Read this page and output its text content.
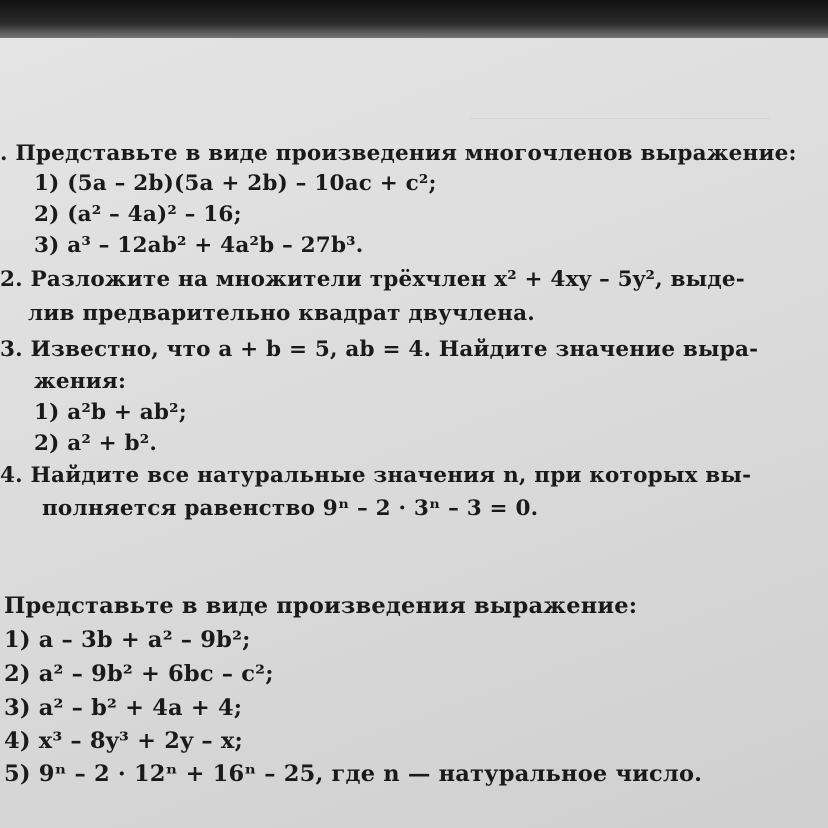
. Представьте в виде произведения многочленов выражение:
1) (5a – 2b)(5a + 2b) – 10ac + c²;
2) (a² – 4a)² – 16;
3) a³ – 12ab² + 4a²b – 27b³.
2. Разложите на множители трёхчлен x² + 4xy – 5y², выде-
лив предварительно квадрат двучлена.
3. Известно, что a + b = 5, ab = 4. Найдите значение выра-
жения:
1) a²b + ab²;
2) a² + b².
4. Найдите все натуральные значения n, при которых вы-
полняется равенство 9ⁿ – 2 · 3ⁿ – 3 = 0.
Представьте в виде произведения выражение:
1) a – 3b + a² – 9b²;
2) a² – 9b² + 6bc – c²;
3) a² – b² + 4a + 4;
4) x³ – 8y³ + 2y – x;
5) 9ⁿ – 2 · 12ⁿ + 16ⁿ – 25, где n — натуральное число.
